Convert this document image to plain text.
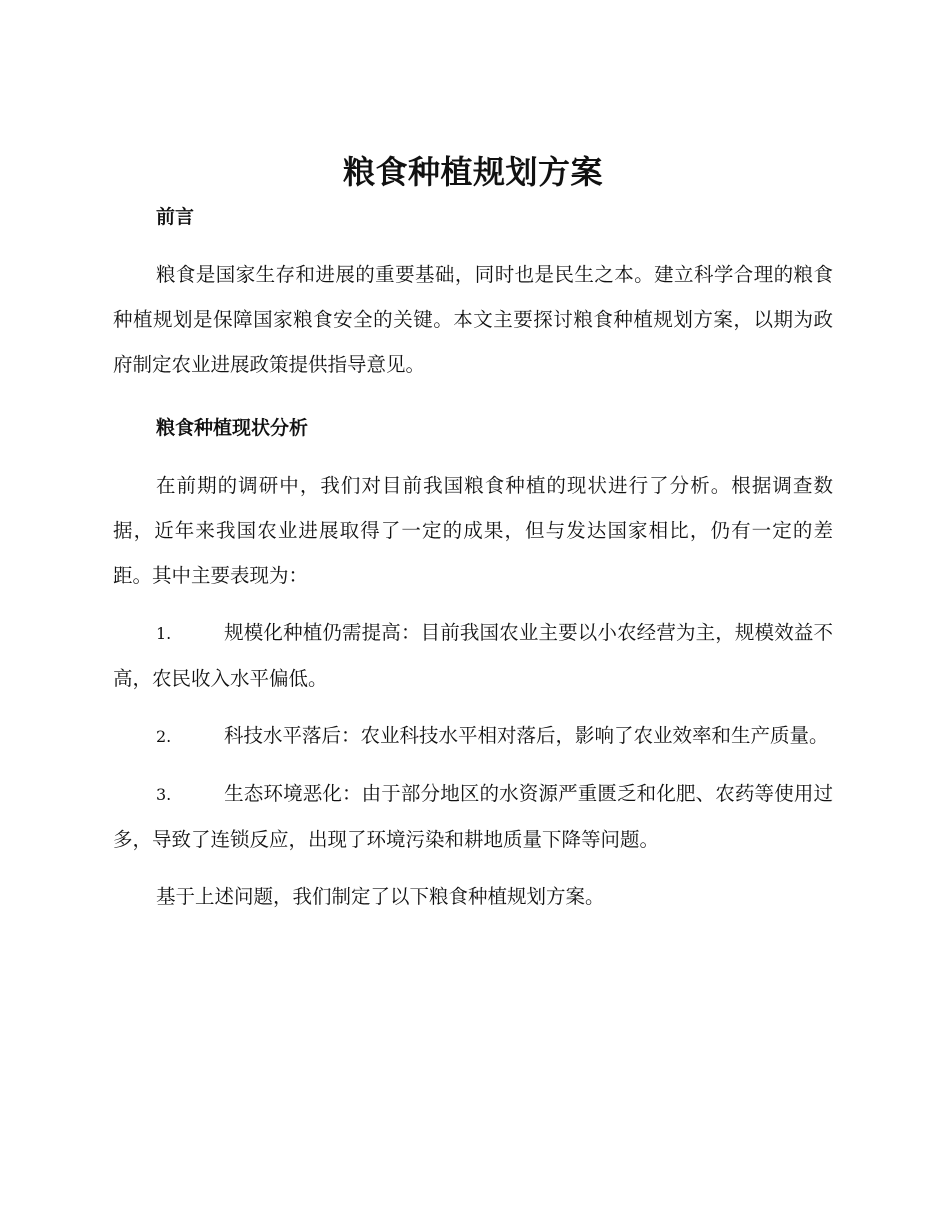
粮食种植规划方案
前言

粮食是国家生存和进展的重要基础，同时也是民生之本。建立科学合理的粮食种植规划是保障国家粮食安全的关键。本文主要探讨粮食种植规划方案，以期为政府制定农业进展政策提供指导意见。

粮食种植现状分析

在前期的调研中，我们对目前我国粮食种植的现状进行了分析。根据调查数据，近年来我国农业进展取得了一定的成果，但与发达国家相比，仍有一定的差距。其中主要表现为：

1.	规模化种植仍需提高：目前我国农业主要以小农经营为主，规模效益不高，农民收入水平偏低。

2.	科技水平落后：农业科技水平相对落后，影响了农业效率和生产质量。

3.	生态环境恶化：由于部分地区的水资源严重匮乏和化肥、农药等使用过多，导致了连锁反应，出现了环境污染和耕地质量下降等问题。

基于上述问题，我们制定了以下粮食种植规划方案。
